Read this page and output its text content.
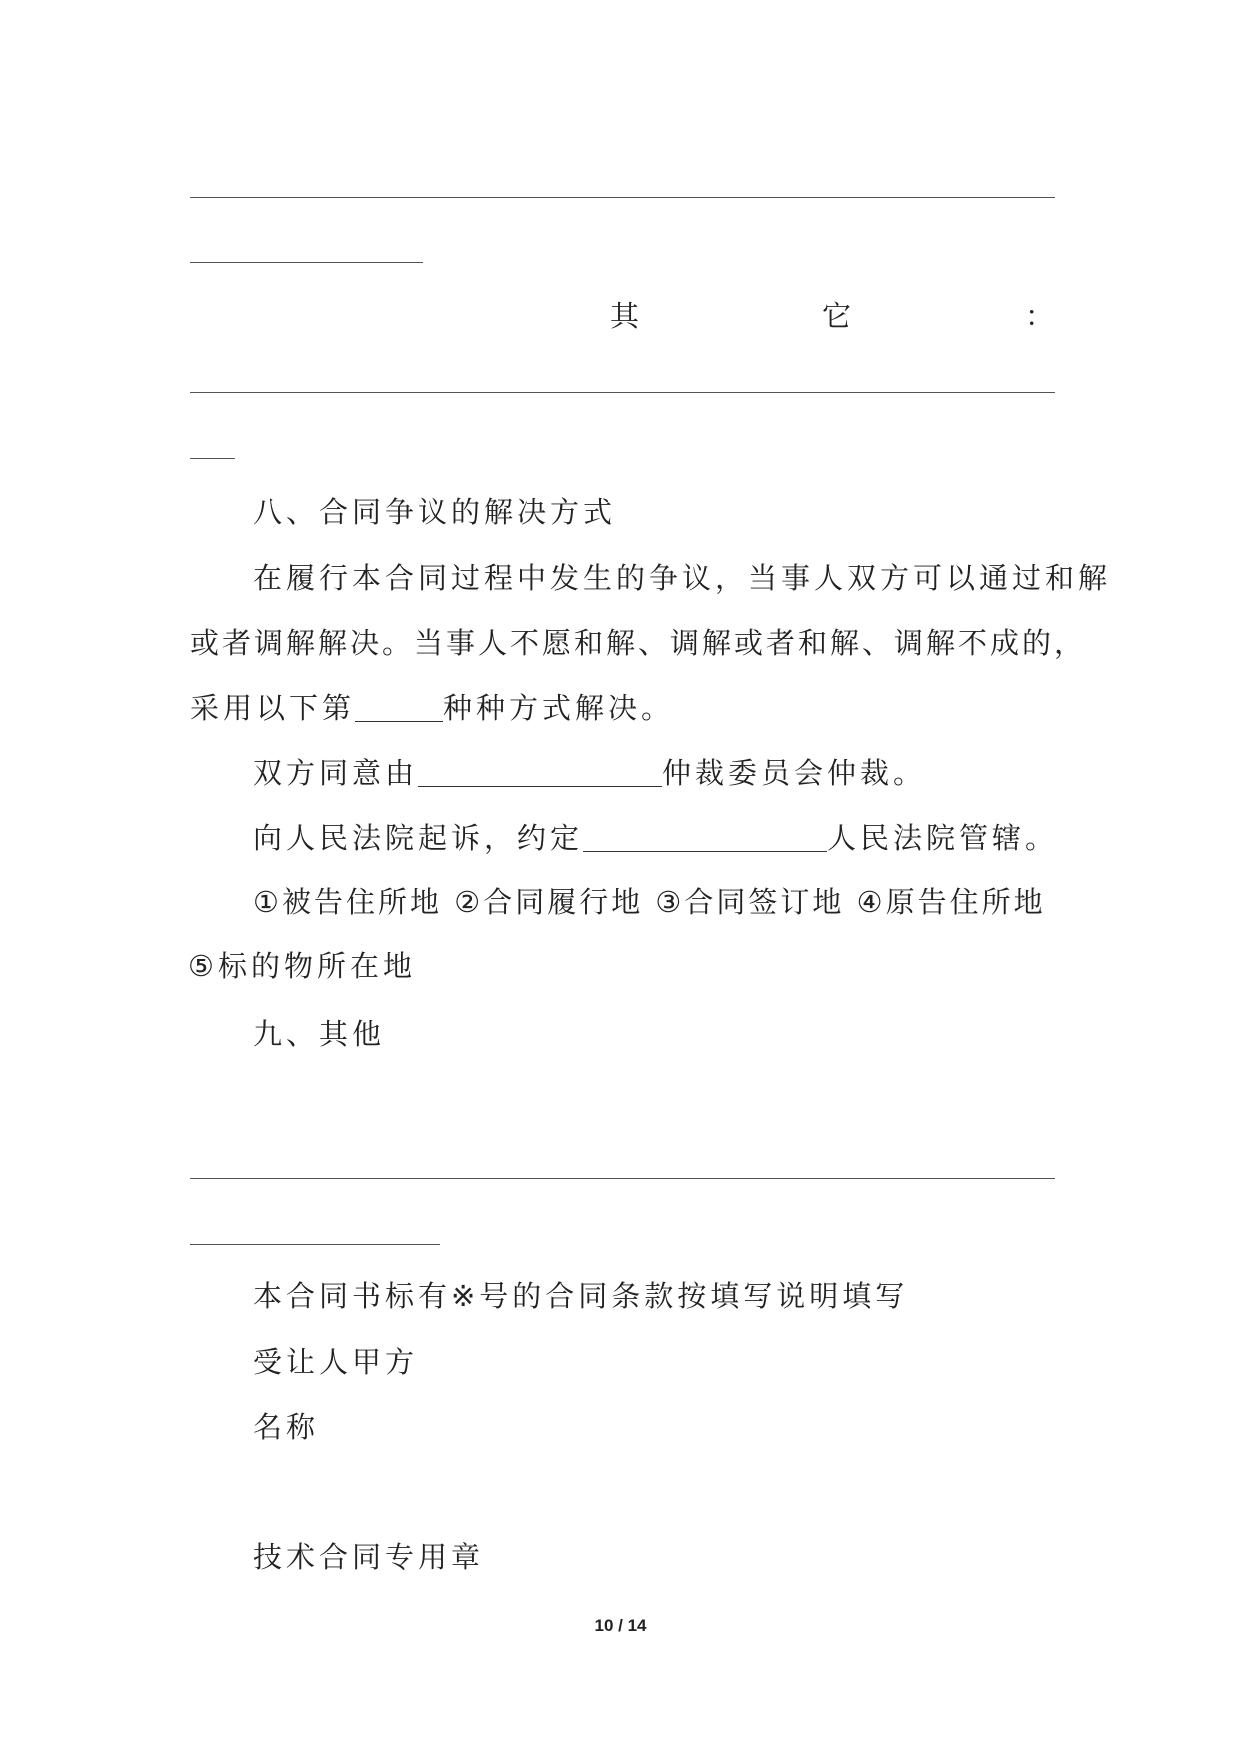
其	它	：
八、合同争议的解决方式
在履行本合同过程中发生的争议，当事人双方可以通过和解
或者调解解决。当事人不愿和解、调解或者和解、调解不成的，
采用以下第	种种方式解决。
双方同意由	仲裁委员会仲裁。
向人民法院起诉，约定	人民法院管辖。
①被告住所地 ②合同履行地 ③合同签订地 ④原告住所地
⑤标的物所在地
九、其他
本合同书标有※号的合同条款按填写说明填写
受让人甲方
名称
技术合同专用章
10 / 14
